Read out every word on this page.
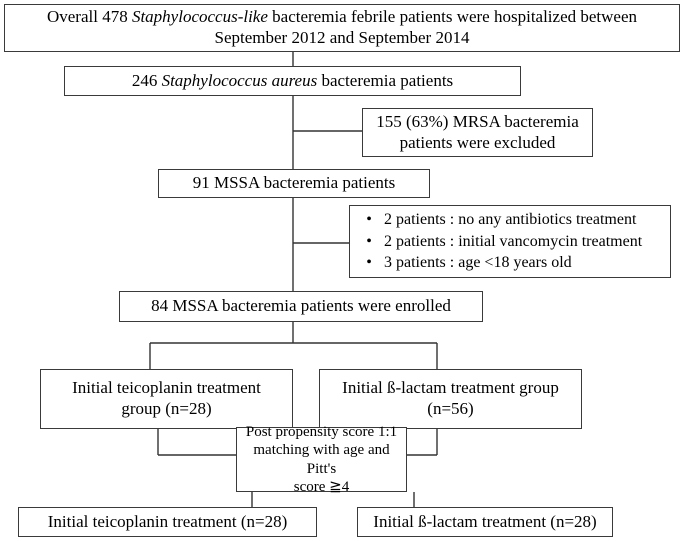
Overall 478 Staphylococcus-like bacteremia febrile patients were hospitalized between
September 2012 and September 2014
246 Staphylococcus aureus bacteremia patients
155 (63%) MRSA bacteremia
patients were excluded
91 MSSA bacteremia patients
• 2 patients : no any antibiotics treatment
• 2 patients : initial vancomycin treatment
• 3 patients : age <18 years old
84 MSSA bacteremia patients were enrolled
Initial teicoplanin treatment
group (n=28)
Initial ß-lactam treatment group
(n=56)
Post propensity score 1:1
matching with age and Pitt's
score ≧4
Initial teicoplanin treatment (n=28)	Initial ß-lactam treatment (n=28)
